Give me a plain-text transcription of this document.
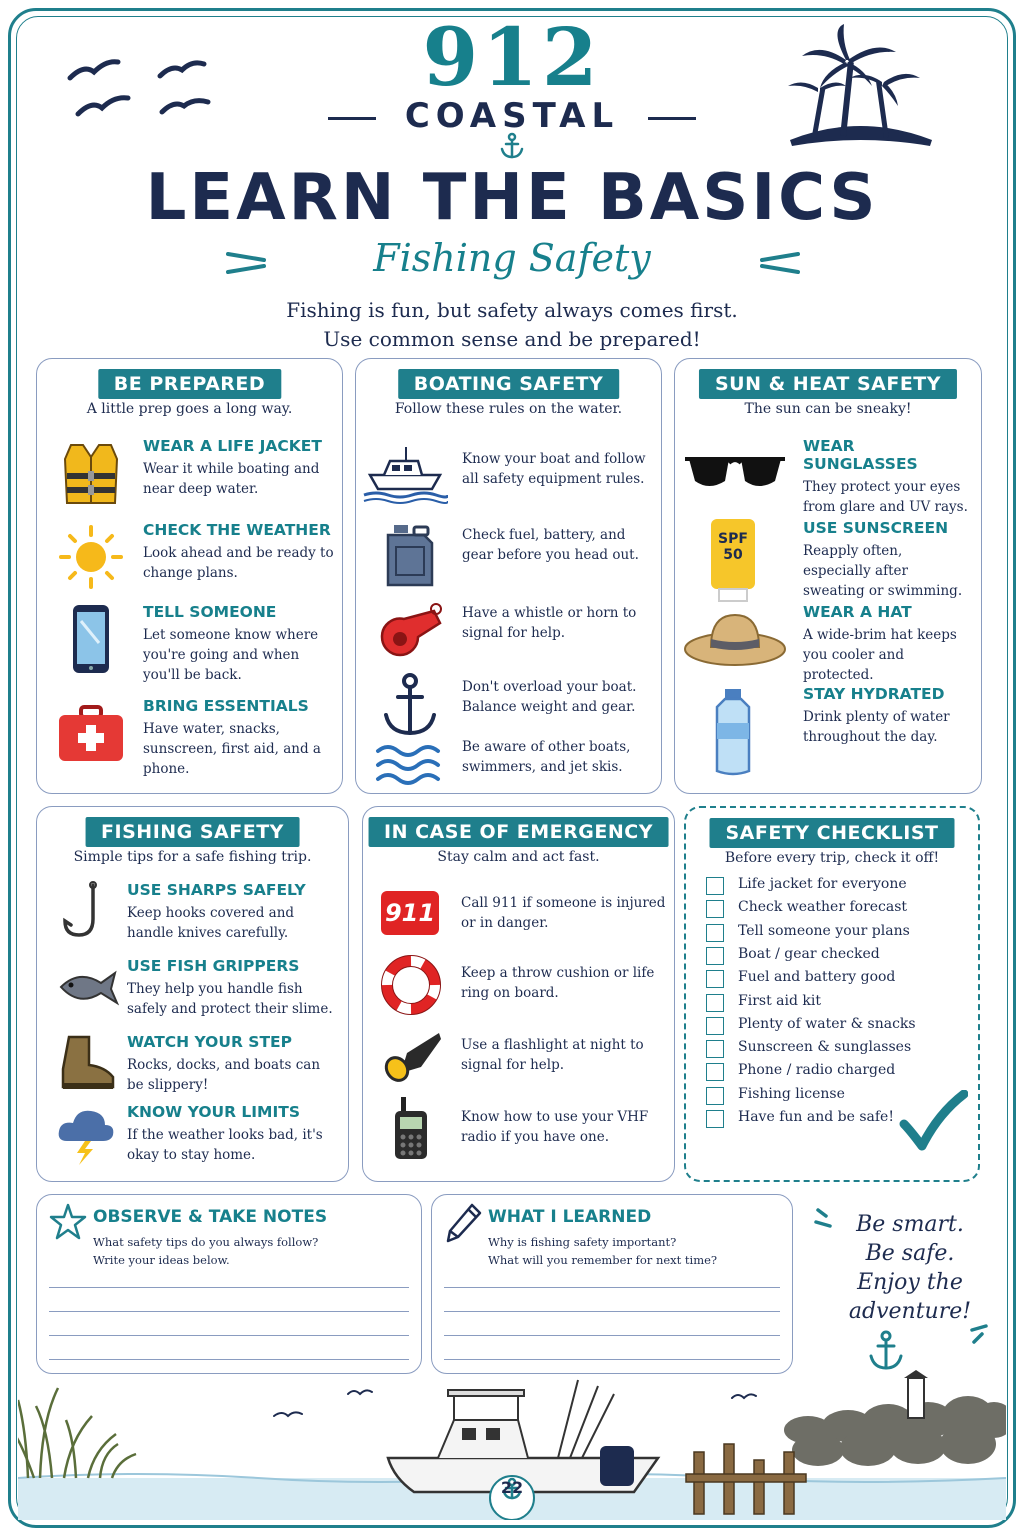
912
COASTAL
LEARN THE BASICS
Fishing Safety
Fishing is fun, but safety always comes first.
Use common sense and be prepared!
BE PREPARED
A little prep goes a long way.
WEAR A LIFE JACKET
Wear it while boating and near deep water.
CHECK THE WEATHER
Look ahead and be ready to change plans.
TELL SOMEONE
Let someone know where you're going and when you'll be back.
BRING ESSENTIALS
Have water, snacks, sunscreen, first aid, and a phone.
BOATING SAFETY
Follow these rules on the water.
Know your boat and follow all safety equipment rules.
Check fuel, battery, and gear before you head out.
Have a whistle or horn to signal for help.
Don't overload your boat. Balance weight and gear.
Be aware of other boats, swimmers, and jet skis.
SUN & HEAT SAFETY
The sun can be sneaky!
WEAR SUNGLASSES
They protect your eyes from glare and UV rays.
SPF
50
USE SUNSCREEN
Reapply often, especially after sweating or swimming.
WEAR A HAT
A wide-brim hat keeps you cooler and protected.
STAY HYDRATED
Drink plenty of water throughout the day.
FISHING SAFETY
Simple tips for a safe fishing trip.
USE SHARPS SAFELY
Keep hooks covered and handle knives carefully.
USE FISH GRIPPERS
They help you handle fish safely and protect their slime.
WATCH YOUR STEP
Rocks, docks, and boats can be slippery!
KNOW YOUR LIMITS
If the weather looks bad, it's okay to stay home.
IN CASE OF EMERGENCY
Stay calm and act fast.
911 Call 911 if someone is injured or in danger.
Keep a throw cushion or life ring on board.
Use a flashlight at night to signal for help.
Know how to use your VHF radio if you have one.
SAFETY CHECKLIST
Before every trip, check it off!
Life jacket for everyone
Check weather forecast
Tell someone your plans
Boat / gear checked
Fuel and battery good
First aid kit
Plenty of water & snacks
Sunscreen & sunglasses
Phone / radio charged
Fishing license
Have fun and be safe!
OBSERVE & TAKE NOTES
What safety tips do you always follow?
Write your ideas below.
WHAT I LEARNED
Why is fishing safety important?
What will you remember for next time?
Be smart.
Be safe.
Enjoy the
adventure!
22
